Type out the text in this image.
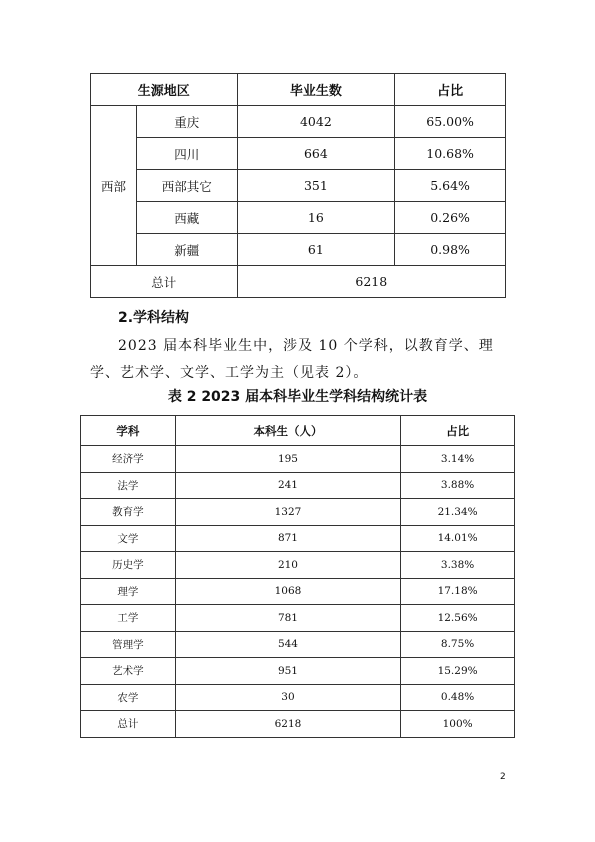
生源地区		毕业生数	占比
西部	重庆	4042	65.00%
	四川	664	10.68%
	西部其它	351	5.64%
	西藏	16	0.26%
	新疆	61	0.98%
总计		6218	
2.学科结构
2023 届本科毕业生中，涉及 10 个学科，以教育学、理学、艺术学、文学、工学为主（见表 2）。
表 2 2023 届本科毕业生学科结构统计表
学科	本科生（人）	占比
经济学	195	3.14%
法学	241	3.88%
教育学	1327	21.34%
文学	871	14.01%
历史学	210	3.38%
理学	1068	17.18%
工学	781	12.56%
管理学	544	8.75%
艺术学	951	15.29%
农学	30	0.48%
总计	6218	100%
2
